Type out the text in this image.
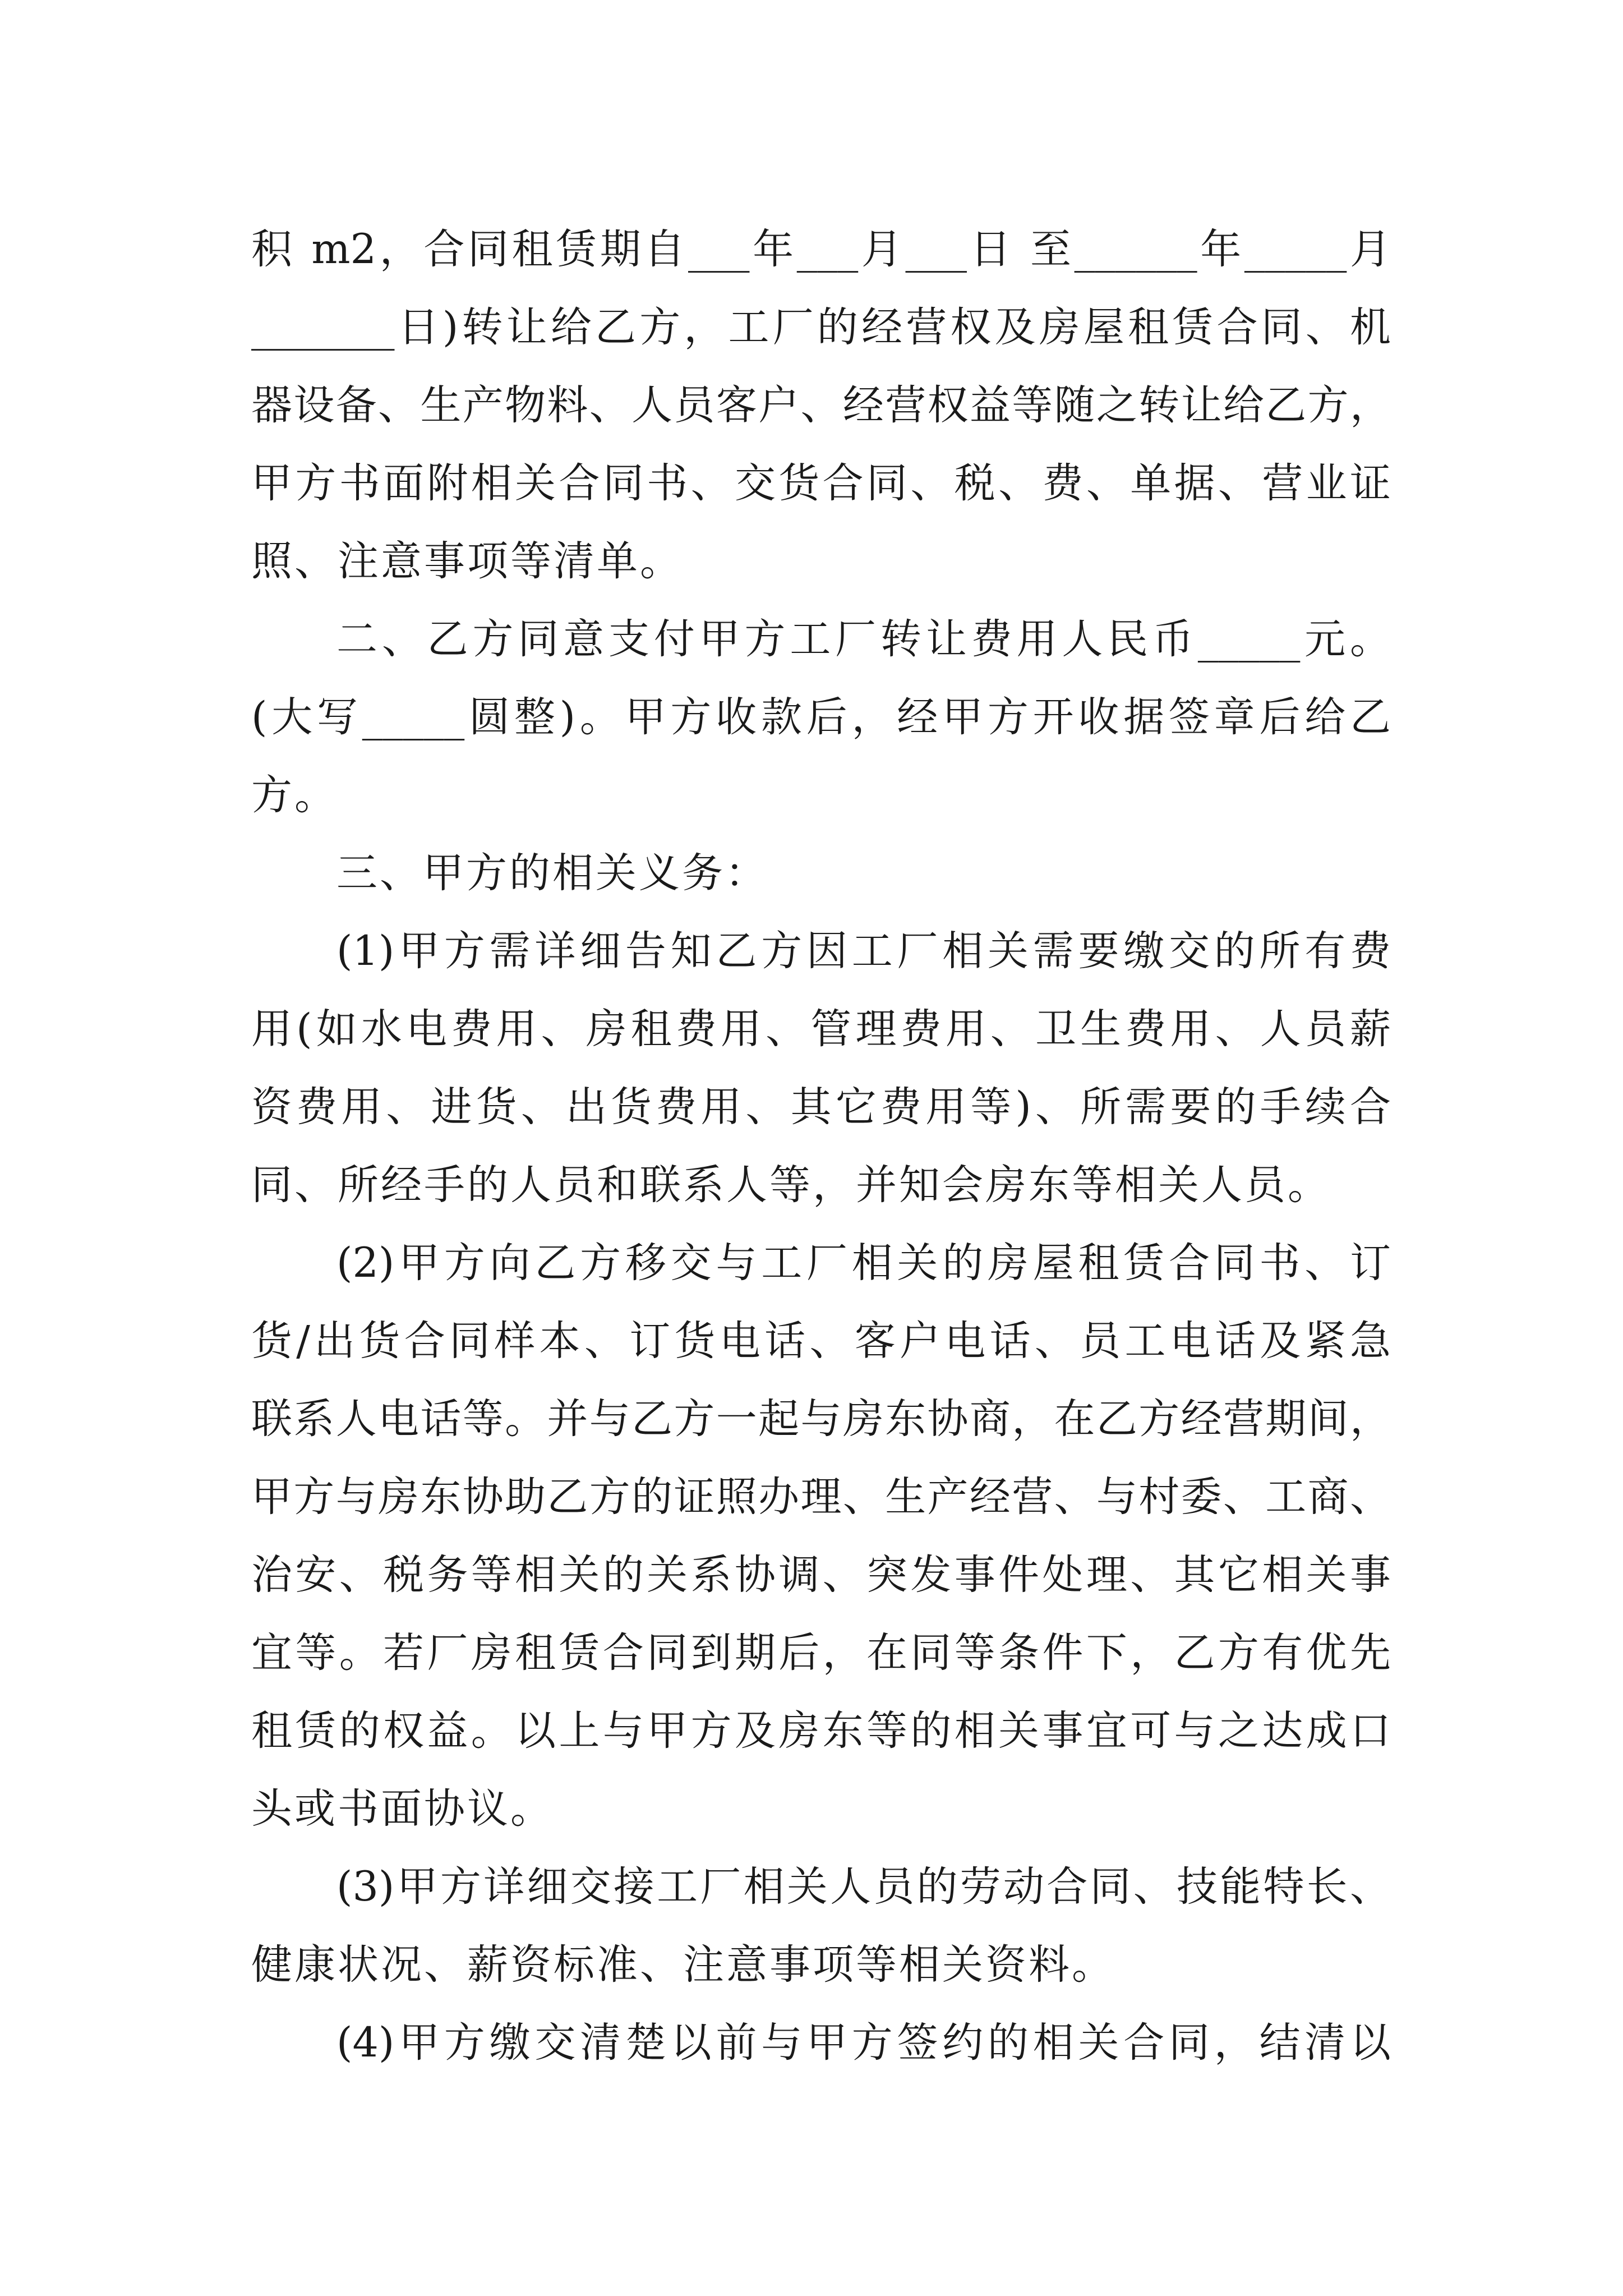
积 m2，合同租赁期自___年___月___日 至______年_____月
_______日)转让给乙方，工厂的经营权及房屋租赁合同、机
器设备、生产物料、人员客户、经营权益等随之转让给乙方，
甲方书面附相关合同书、交货合同、税、费、单据、营业证
照、注意事项等清单。
二、乙方同意支付甲方工厂转让费用人民币_____元。
(大写_____圆整)。甲方收款后，经甲方开收据签章后给乙
方。
三、甲方的相关义务：
(1)甲方需详细告知乙方因工厂相关需要缴交的所有费
用(如水电费用、房租费用、管理费用、卫生费用、人员薪
资费用、进货、出货费用、其它费用等)、所需要的手续合
同、所经手的人员和联系人等，并知会房东等相关人员。
(2)甲方向乙方移交与工厂相关的房屋租赁合同书、订
货/出货合同样本、订货电话、客户电话、员工电话及紧急
联系人电话等。并与乙方一起与房东协商，在乙方经营期间，
甲方与房东协助乙方的证照办理、生产经营、与村委、工商、
治安、税务等相关的关系协调、突发事件处理、其它相关事
宜等。若厂房租赁合同到期后，在同等条件下，乙方有优先
租赁的权益。以上与甲方及房东等的相关事宜可与之达成口
头或书面协议。
(3)甲方详细交接工厂相关人员的劳动合同、技能特长、
健康状况、薪资标准、注意事项等相关资料。
(4)甲方缴交清楚以前与甲方签约的相关合同，结清以
